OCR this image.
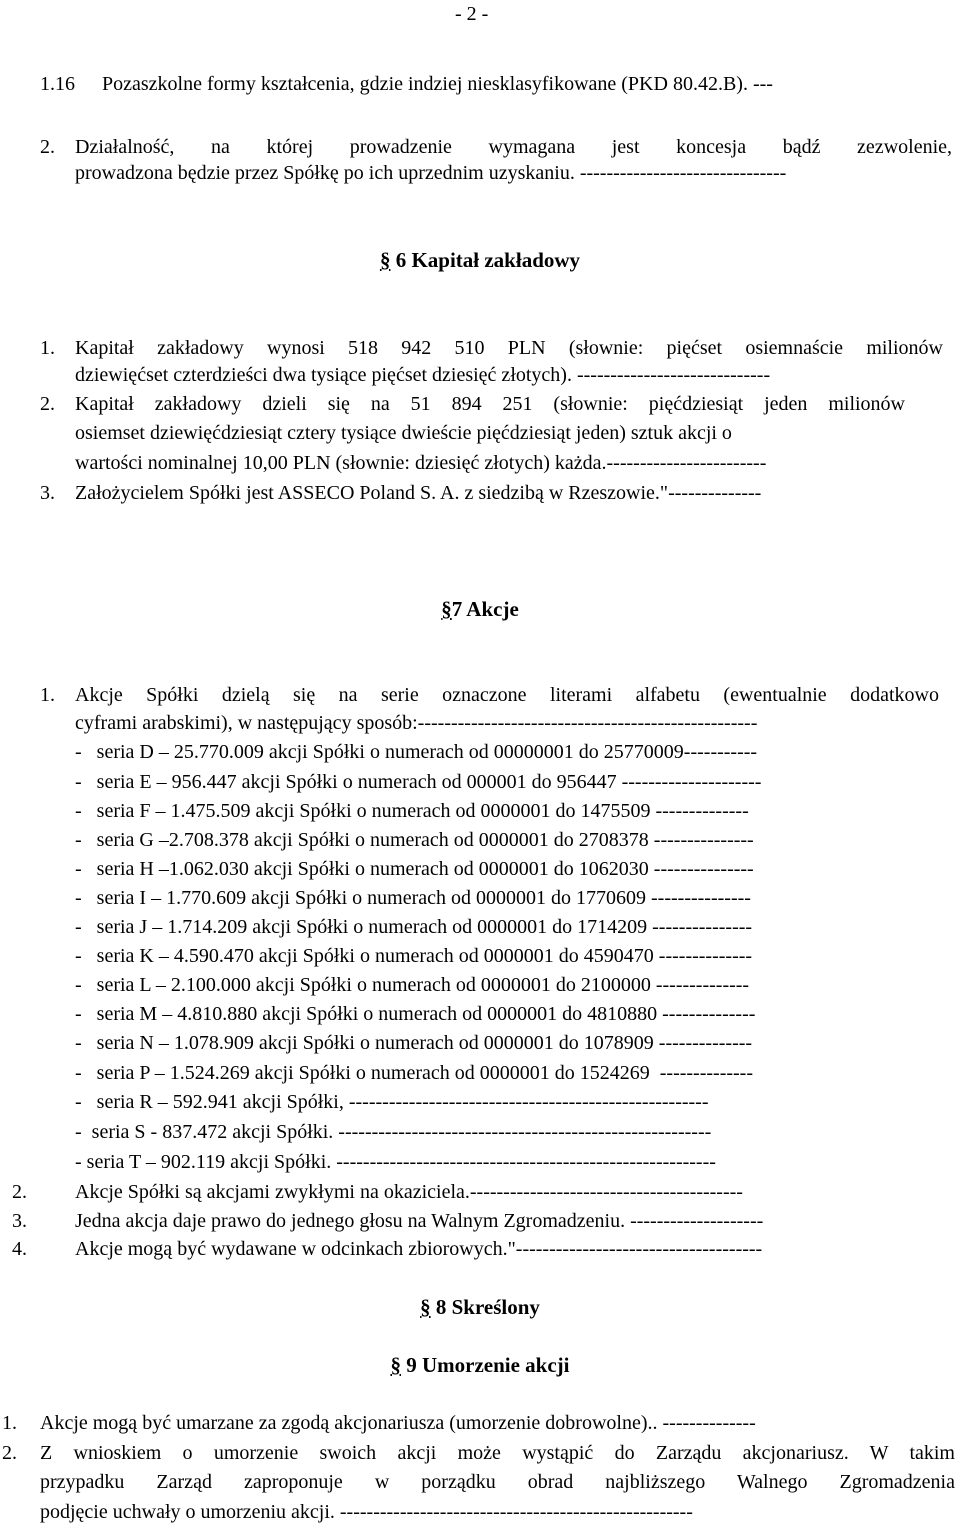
- 2 -
1.16 Pozaszkolne formy kształcenia, gdzie indziej niesklasyfikowane (PKD 80.42.B). ---
2. Działalność, na której prowadzenie wymagana jest koncesja bądź zezwolenie,
prowadzona będzie przez Spółkę po ich uprzednim uzyskaniu. -------------------------------
§ 6 Kapitał zakładowy
1. Kapitał zakładowy wynosi 518 942 510 PLN (słownie: pięćset osiemnaście milionów
dziewięćset czterdzieści dwa tysiące pięćset dziesięć złotych). -----------------------------
2. Kapitał zakładowy dzieli się na 51 894 251 (słownie: pięćdziesiąt jeden milionów
osiemset dziewięćdziesiąt cztery tysiące dwieście pięćdziesiąt jeden) sztuk akcji o
wartości nominalnej 10,00 PLN (słownie: dziesięć złotych) każda.------------------------
3. Założycielem Spółki jest ASSECO Poland S. A. z siedzibą w Rzeszowie."--------------
§7 Akcje
1. Akcje Spółki dzielą się na serie oznaczone literami alfabetu (ewentualnie dodatkowo
cyframi arabskimi), w następujący sposób:---------------------------------------------------
-   seria D – 25.770.009 akcji Spółki o numerach od 00000001 do 25770009-----------
-   seria E – 956.447 akcji Spółki o numerach od 000001 do 956447 ---------------------
-   seria F – 1.475.509 akcji Spółki o numerach od 0000001 do 1475509 --------------
-   seria G –2.708.378 akcji Spółki o numerach od 0000001 do 2708378 ---------------
-   seria H –1.062.030 akcji Spółki o numerach od 0000001 do 1062030 ---------------
-   seria I – 1.770.609 akcji Spółki o numerach od 0000001 do 1770609 ---------------
-   seria J – 1.714.209 akcji Spółki o numerach od 0000001 do 1714209 ---------------
-   seria K – 4.590.470 akcji Spółki o numerach od 0000001 do 4590470 --------------
-   seria L – 2.100.000 akcji Spółki o numerach od 0000001 do 2100000 --------------
-   seria M – 4.810.880 akcji Spółki o numerach od 0000001 do 4810880 --------------
-   seria N – 1.078.909 akcji Spółki o numerach od 0000001 do 1078909 --------------
-   seria P – 1.524.269 akcji Spółki o numerach od 0000001 do 1524269  --------------
-   seria R – 592.941 akcji Spółki, ------------------------------------------------------
-  seria S - 837.472 akcji Spółki. --------------------------------------------------------
- seria T – 902.119 akcji Spółki. ---------------------------------------------------------
2. Akcje Spółki są akcjami zwykłymi na okaziciela.-----------------------------------------
3. Jedna akcja daje prawo do jednego głosu na Walnym Zgromadzeniu. --------------------
4. Akcje mogą być wydawane w odcinkach zbiorowych."-------------------------------------
§ 8 Skreślony
§ 9 Umorzenie akcji
1. Akcje mogą być umarzane za zgodą akcjonariusza (umorzenie dobrowolne).. --------------
2. Z wnioskiem o umorzenie swoich akcji może wystąpić do Zarządu akcjonariusz. W takim
przypadku Zarząd zaproponuje w porządku obrad najbliższego Walnego Zgromadzenia
podjęcie uchwały o umorzeniu akcji. -----------------------------------------------------
